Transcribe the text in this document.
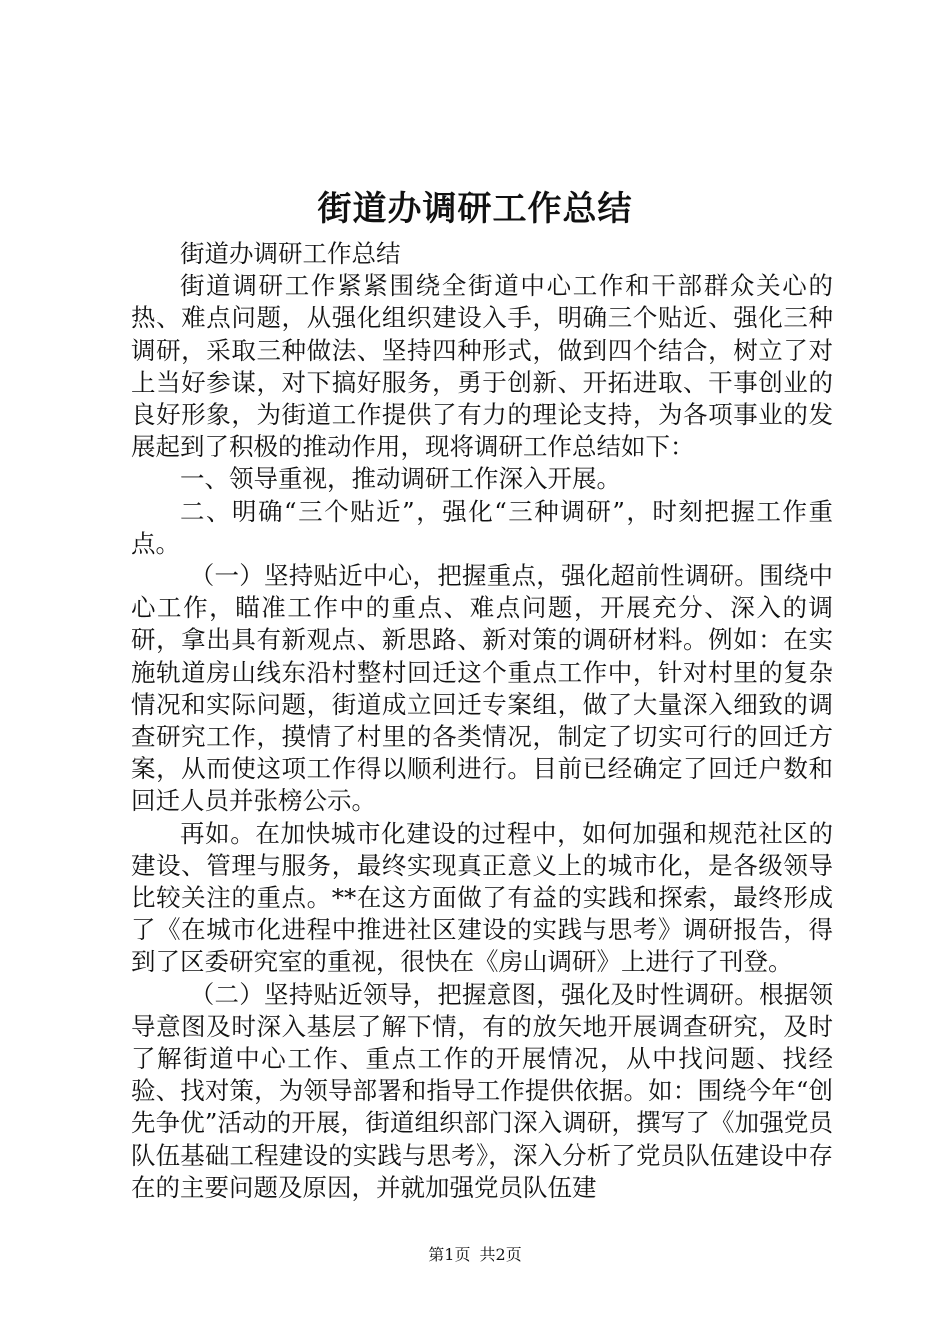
街道办调研工作总结

街道办调研工作总结

街道调研工作紧紧围绕全街道中心工作和干部群众关心的热、难点问题，从强化组织建设入手，明确三个贴近、强化三种调研，采取三种做法、坚持四种形式，做到四个结合，树立了对上当好参谋，对下搞好服务，勇于创新、开拓进取、干事创业的良好形象，为街道工作提供了有力的理论支持，为各项事业的发展起到了积极的推动作用，现将调研工作总结如下：

一、领导重视，推动调研工作深入开展。

二、明确“三个贴近”，强化“三种调研”，时刻把握工作重点。

（一）坚持贴近中心，把握重点，强化超前性调研。围绕中心工作，瞄准工作中的重点、难点问题，开展充分、深入的调研，拿出具有新观点、新思路、新对策的调研材料。例如：在实施轨道房山线东沿村整村回迁这个重点工作中，针对村里的复杂情况和实际问题，街道成立回迁专案组，做了大量深入细致的调查研究工作，摸情了村里的各类情况，制定了切实可行的回迁方案，从而使这项工作得以顺利进行。目前已经确定了回迁户数和回迁人员并张榜公示。

再如。在加快城市化建设的过程中，如何加强和规范社区的建设、管理与服务，最终实现真正意义上的城市化，是各级领导比较关注的重点。**在这方面做了有益的实践和探索，最终形成了《在城市化进程中推进社区建设的实践与思考》调研报告，得到了区委研究室的重视，很快在《房山调研》上进行了刊登。

（二）坚持贴近领导，把握意图，强化及时性调研。根据领导意图及时深入基层了解下情，有的放矢地开展调查研究，及时了解街道中心工作、重点工作的开展情况，从中找问题、找经验、找对策，为领导部署和指导工作提供依据。如：围绕今年“创先争优”活动的开展，街道组织部门深入调研，撰写了《加强党员队伍基础工程建设的实践与思考》，深入分析了党员队伍建设中存在的主要问题及原因，并就加强党员队伍建

第1页 共2页
